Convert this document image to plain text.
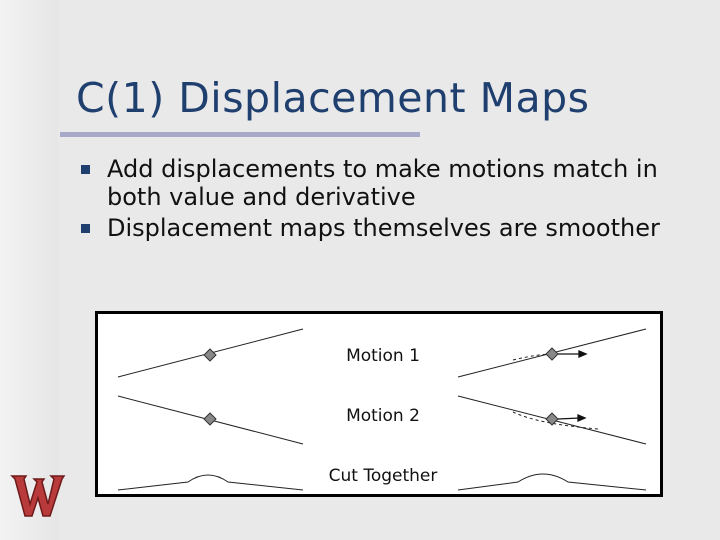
C(1) Displacement Maps
Add displacements to make motions match in both value and derivative
Displacement maps themselves are smoother
Motion 1
Motion 2
Cut Together
